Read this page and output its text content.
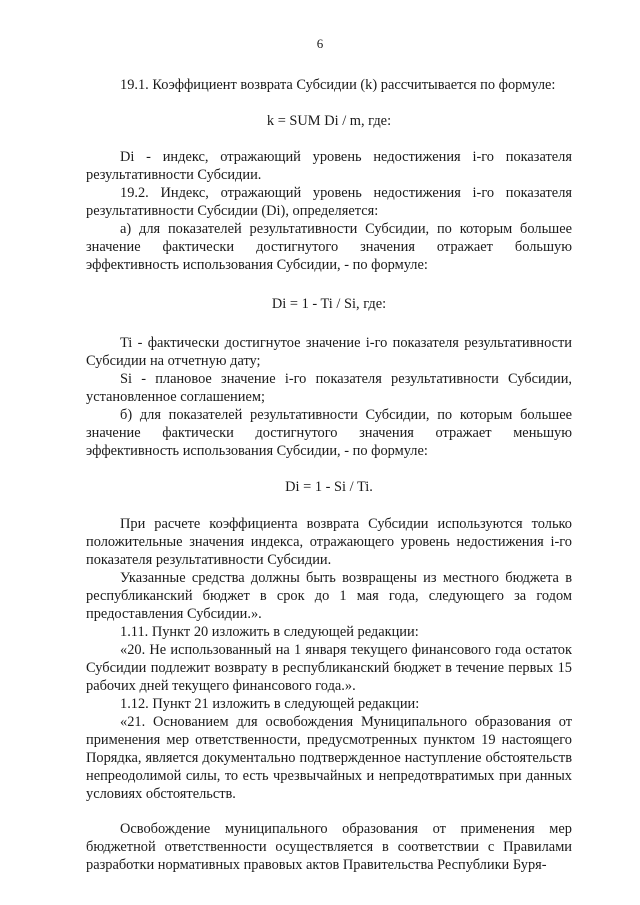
6

19.1. Коэффициент возврата Субсидии (k) рассчитывается по формуле:

k = SUM Di / m, где:

Di - индекс, отражающий уровень недостижения i-го показателя результативности Субсидии.

19.2. Индекс, отражающий уровень недостижения i-го показателя результативности Субсидии (Di), определяется:

а) для показателей результативности Субсидии, по которым большее значение фактически достигнутого значения отражает большую эффективность использования Субсидии, - по формуле:

Di = 1 - Ti / Si, где:

Ti - фактически достигнутое значение i-го показателя результативности Субсидии на отчетную дату;

Si - плановое значение i-го показателя результативности Субсидии, установленное соглашением;

б) для показателей результативности Субсидии, по которым большее значение фактически достигнутого значения отражает меньшую эффективность использования Субсидии, - по формуле:

Di = 1 - Si / Ti.

При расчете коэффициента возврата Субсидии используются только положительные значения индекса, отражающего уровень недостижения i-го показателя результативности Субсидии.

Указанные средства должны быть возвращены из местного бюджета в республиканский бюджет в срок до 1 мая года, следующего за годом предоставления Субсидии.».

1.11. Пункт 20 изложить в следующей редакции:

«20. Не использованный на 1 января текущего финансового года остаток Субсидии подлежит возврату в республиканский бюджет в течение первых 15 рабочих дней текущего финансового года.».

1.12. Пункт 21 изложить в следующей редакции:

«21. Основанием для освобождения Муниципального образования от применения мер ответственности, предусмотренных пунктом 19 настоящего Порядка, является документально подтвержденное наступление обстоятельств непреодолимой силы, то есть чрезвычайных и непредотвратимых при данных условиях обстоятельств.

Освобождение муниципального образования от применения мер бюджетной ответственности осуществляется в соответствии с Правилами разработки нормативных правовых актов Правительства Республики Буря-
